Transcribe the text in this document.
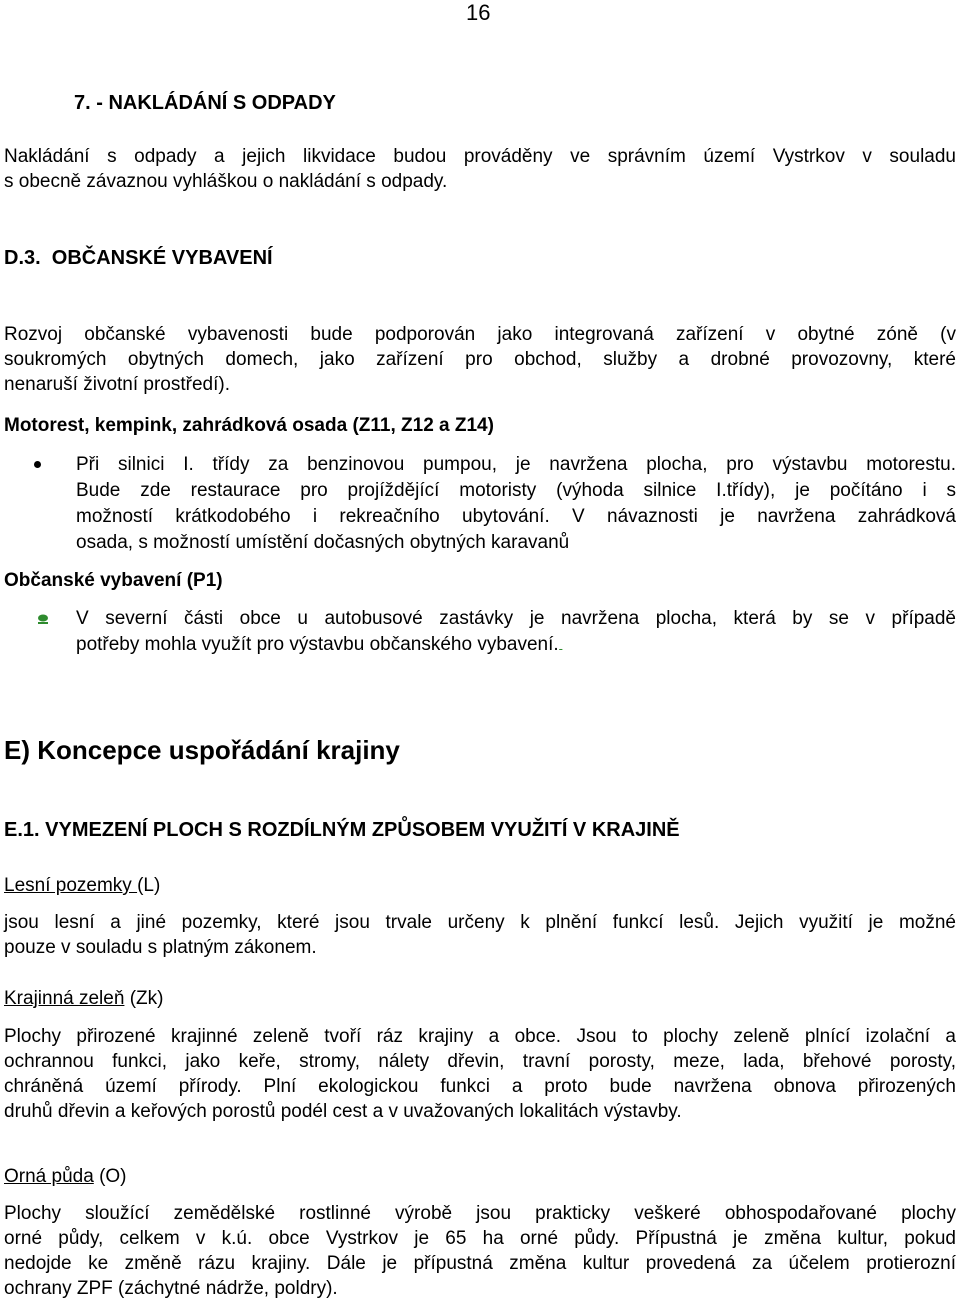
16
7. - NAKLÁDÁNÍ S ODPADY
Nakládání s odpady a jejich likvidace budou prováděny ve správním území Vystrkov v souladu
s obecně závaznou vyhláškou o nakládání s odpady.
D.3.  OBČANSKÉ VYBAVENÍ
Rozvoj občanské vybavenosti bude podporován jako integrovaná zařízení v obytné zóně (v
soukromých obytných domech, jako zařízení pro obchod, služby a drobné provozovny, které
nenaruší životní prostředí).
Motorest, kempink, zahrádková osada (Z11, Z12 a Z14)
Při silnici I. třídy za benzinovou pumpou, je navržena plocha, pro výstavbu motorestu.
Bude zde restaurace pro projíždějící motoristy (výhoda silnice I.třídy), je počítáno i s
možností krátkodobého i rekreačního ubytování. V návaznosti je navržena zahrádková
osada, s možností umístění dočasných obytných karavanů
Občanské vybavení (P1)
V severní části obce u autobusové zastávky je navržena plocha, která by se v případě
potřeby mohla využít pro výstavbu občanského vybavení.-
E) Koncepce uspořádání krajiny
E.1. VYMEZENÍ PLOCH S ROZDÍLNÝM ZPŮSOBEM VYUŽITÍ V KRAJINĚ
Lesní pozemky (L)
jsou lesní a jiné pozemky, které jsou trvale určeny k plnění funkcí lesů. Jejich využití je možné
pouze v souladu s platným zákonem.
Krajinná zeleň (Zk)
Plochy přirozené krajinné zeleně tvoří ráz krajiny a obce. Jsou to plochy zeleně plnící izolační a
ochrannou funkci, jako keře, stromy, nálety dřevin, travní porosty, meze, lada, břehové porosty,
chráněná území přírody. Plní ekologickou funkci a proto bude navržena obnova přirozených
druhů dřevin a keřových porostů podél cest a v uvažovaných lokalitách výstavby.
Orná půda (O)
Plochy sloužící zemědělské rostlinné výrobě jsou prakticky veškeré obhospodařované plochy
orné půdy, celkem v k.ú. obce Vystrkov je 65 ha orné půdy. Přípustná je změna kultur, pokud
nedojde ke změně rázu krajiny. Dále je přípustná změna kultur provedená za účelem protierozní
ochrany ZPF (záchytné nádrže, poldry).
